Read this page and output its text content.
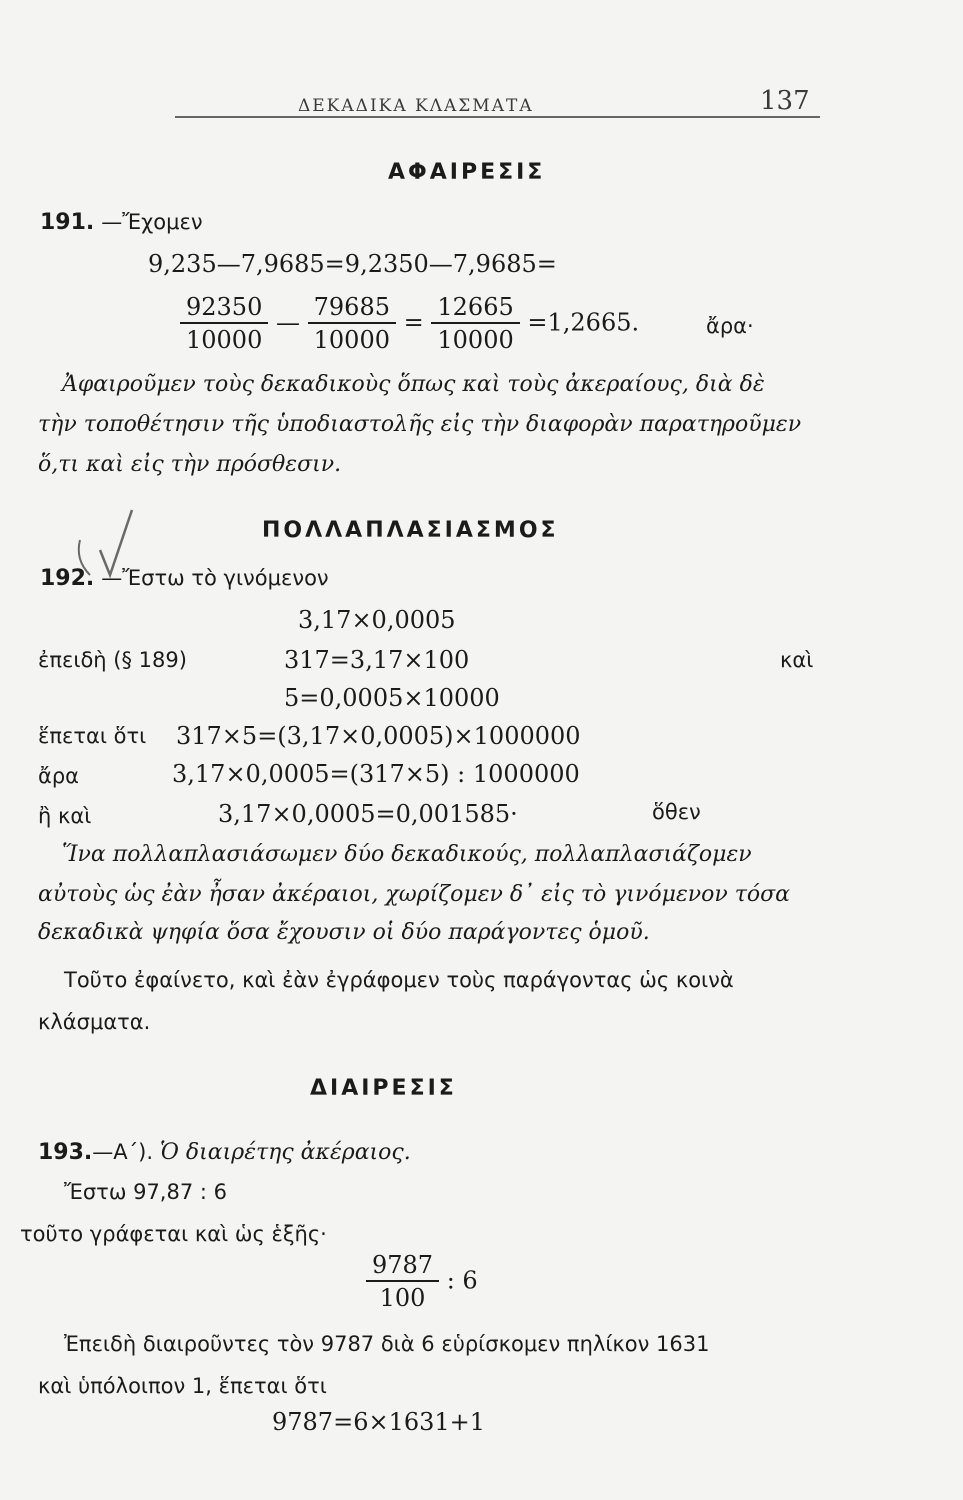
ΔΕΚΑΔΙΚΑ ΚΛΑΣΜΑΤΑ	137
ΑΦΑΙΡΕΣΙΣ
191. —Ἔχομεν
9,235—7,9685=9,2350—7,9685=
$\frac{92350}{10000}$ — $\frac{79685}{10000} = \frac{12665}{10000} =1,2665$.	ἄρα·
Ἀφαιροῦμεν τοὺς δεκαδικοὺς ὅπως καὶ τοὺς ἀκεραίους, διὰ δὲ
τὴν τοποθέτησιν τῆς ὑποδιαστολῆς εἰς τὴν διαφορὰν παρατηροῦμεν
ὅ,τι καὶ εἰς τὴν πρόσθεσιν.
ΠΟΛΛΑΠΛΑΣΙΑΣΜΟΣ
192. —Ἔστω τὸ γινόμενον
3,17×0,0005
ἐπειδὴ (§ 189)	317=3,17×100	καὶ
5=0,0005×10000
ἕπεται ὅτι 317×5=(3,17×0,0005)×1000000
ἄρα	3,17×0,0005=(317×5) : 1000000
ἢ καὶ	3,17×0,0005=0,001585·	ὅθεν
Ἵνα πολλαπλασιάσωμεν δύο δεκαδικούς, πολλαπλασιάζομεν
αὐτοὺς ὡς ἐὰν ἦσαν ἀκέραιοι, χωρίζομεν δ᾽ εἰς τὸ γινόμενον τόσα
δεκαδικὰ ψηφία ὅσα ἔχουσιν οἱ δύο παράγοντες ὁμοῦ.
Τοῦτο ἐφαίνετο, καὶ ἐὰν ἐγράφομεν τοὺς παράγοντας ὡς κοινὰ
κλάσματα.
ΔΙΑΙΡΕΣΙΣ
193.—Α΄). Ὁ διαιρέτης ἀκέραιος.
Ἔστω 97,87 : 6
τοῦτο γράφεται καὶ ὡς ἑξῆς·
$\frac{9787}{100}$ : 6
Ἐπειδὴ διαιροῦντες τὸν 9787 διὰ 6 εὑρίσκομεν πηλίκον 1631
καὶ ὑπόλοιπον 1, ἕπεται ὅτι
9787=6×1631+1
